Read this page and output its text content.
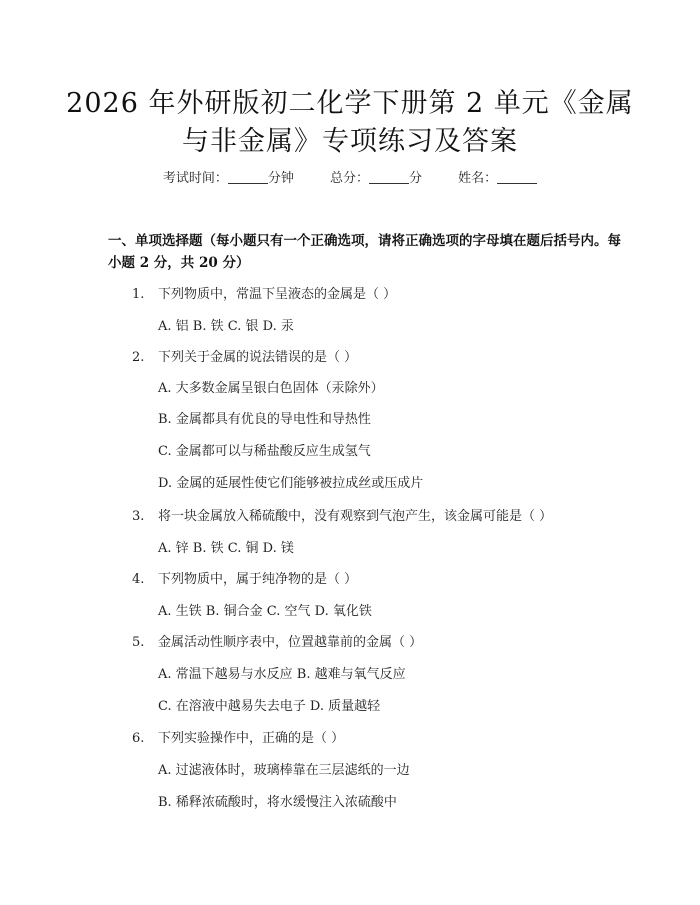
2026 年外研版初二化学下册第 2 单元《金属
与非金属》专项练习及答案
考试时间：	分钟	总分：	分	姓名：
一、单项选择题（每小题只有一个正确选项，请将正确选项的字母填在题后括号内。每小题 2 分，共 20 分）
1. 下列物质中，常温下呈液态的金属是（ ）
A. 铝 B. 铁 C. 银 D. 汞
2. 下列关于金属的说法错误的是（ ）
A. 大多数金属呈银白色固体（汞除外）
B. 金属都具有优良的导电性和导热性
C. 金属都可以与稀盐酸反应生成氢气
D. 金属的延展性使它们能够被拉成丝或压成片
3. 将一块金属放入稀硫酸中，没有观察到气泡产生，该金属可能是（ ）
A. 锌 B. 铁 C. 铜 D. 镁
4. 下列物质中，属于纯净物的是（ ）
A. 生铁 B. 铜合金 C. 空气 D. 氧化铁
5. 金属活动性顺序表中，位置越靠前的金属（ ）
A. 常温下越易与水反应 B. 越难与氧气反应
C. 在溶液中越易失去电子 D. 质量越轻
6. 下列实验操作中，正确的是（ ）
A. 过滤液体时，玻璃棒靠在三层滤纸的一边
B. 稀释浓硫酸时，将水缓慢注入浓硫酸中
